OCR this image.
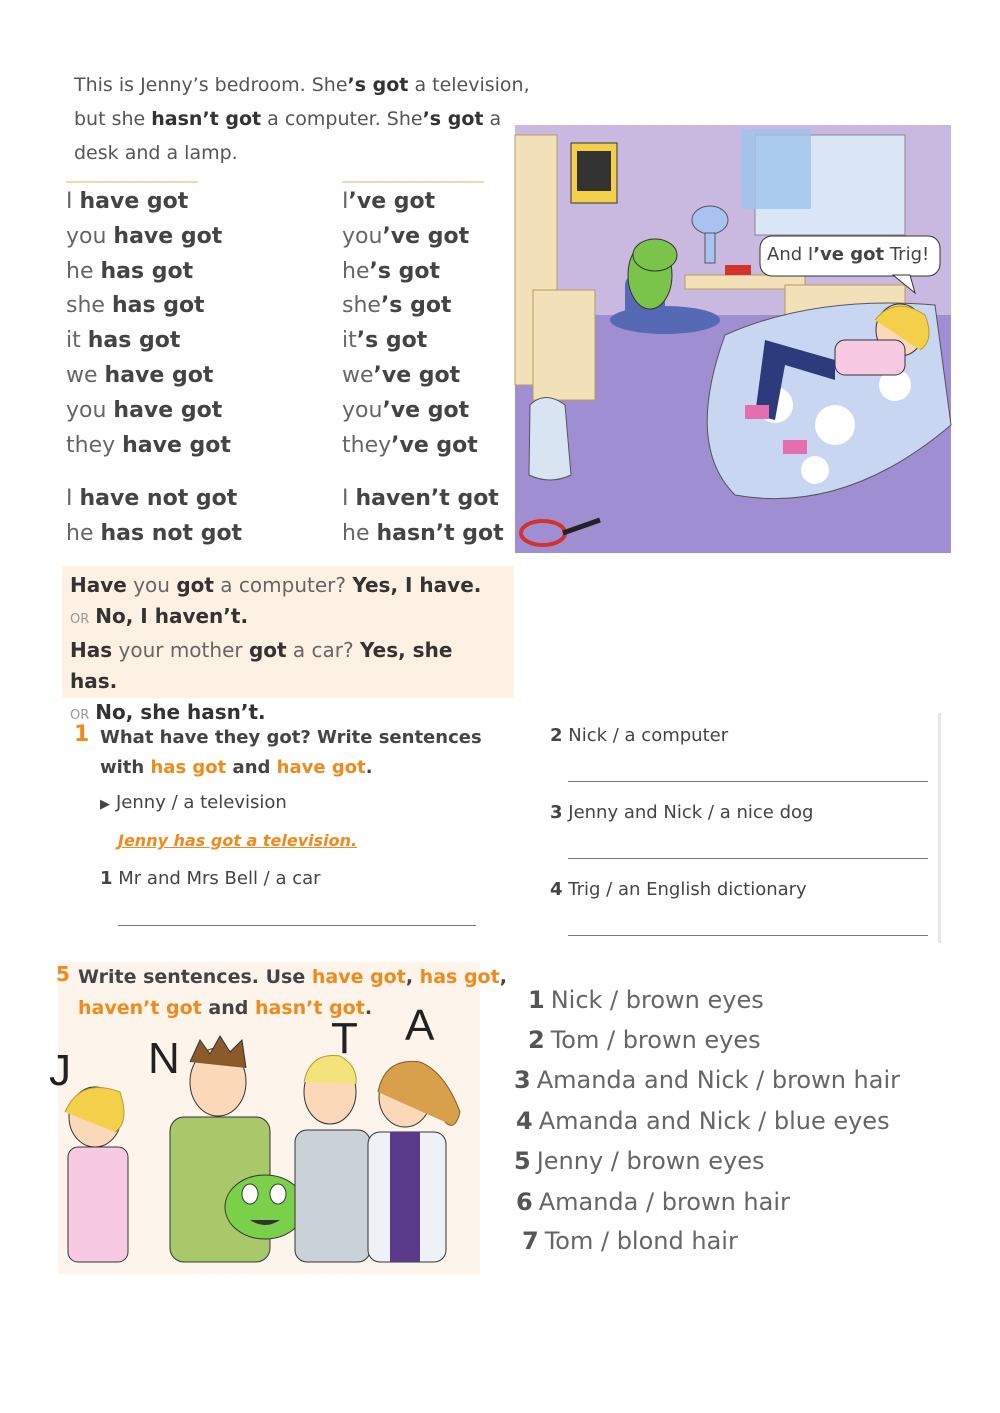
This is Jenny’s bedroom. She’s got a television,
but she hasn’t got a computer. She’s got a
desk and a lamp.
I have got
you have got
he has got
she has got
it has got
we have got
you have got
they have got
I’ve got
you’ve got
he’s got
she’s got
it’s got
we’ve got
you’ve got
they’ve got
I have not got
he has not got
I haven’t got
he hasn’t got
And I’ve got Trig!
Have you got a computer? Yes, I have.
OR No, I haven’t.
Has your mother got a car? Yes, she has.
OR No, she hasn’t.
1 What have they got? Write sentences
with has got and have got.
▶ Jenny / a television
Jenny has got a television.
1 Mr and Mrs Bell / a car
2 Nick / a computer
3 Jenny and Nick / a nice dog
4 Trig / an English dictionary
5 Write sentences. Use have got, has got,
haven’t got and hasn’t got.
J N	T A
1 Nick / brown eyes
2 Tom / brown eyes
3 Amanda and Nick / brown hair
4 Amanda and Nick / blue eyes
5 Jenny / brown eyes
6 Amanda / brown hair
7 Tom / blond hair
